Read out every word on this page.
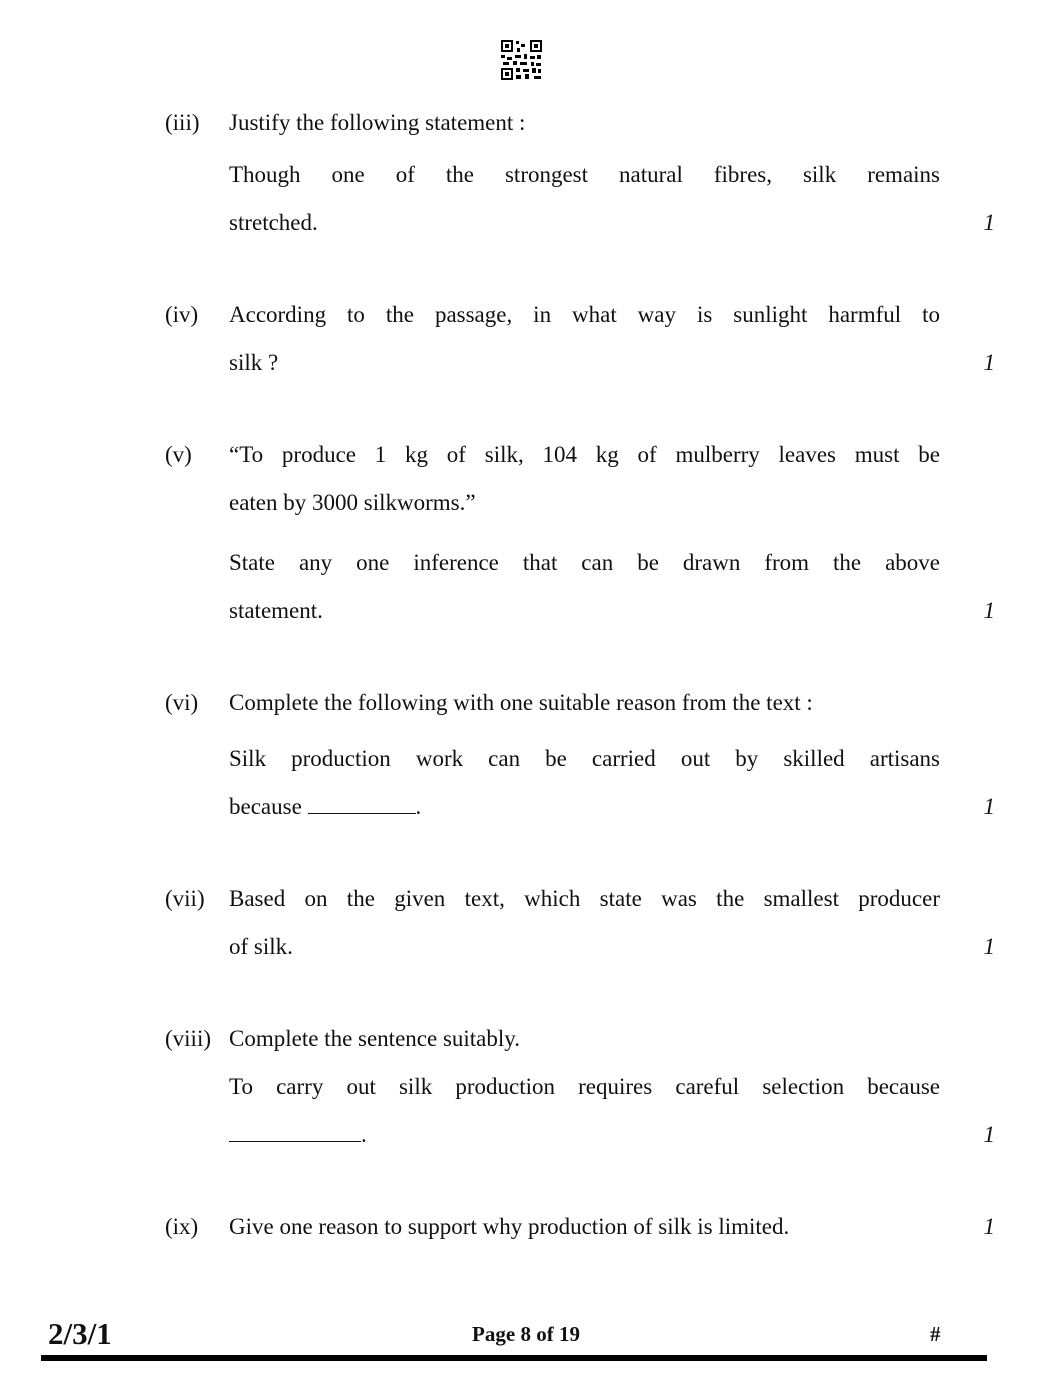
(iii) Justify the following statement :
Though one of the strongest natural fibres, silk remains
stretched.	1
(iv) According to the passage, in what way is sunlight harmful to
silk ?	1
(v) “To produce 1 kg of silk, 104 kg of mulberry leaves must be
eaten by 3000 silkworms.”
State any one inference that can be drawn from the above
statement.	1
(vi) Complete the following with one suitable reason from the text :
Silk production work can be carried out by skilled artisans
because	.	1
(vii) Based on the given text, which state was the smallest producer
of silk.	1
(viii) Complete the sentence suitably.
To carry out silk production requires careful selection because
.	1
(ix) Give one reason to support why production of silk is limited.	1
2/3/1	Page 8 of 19	#
